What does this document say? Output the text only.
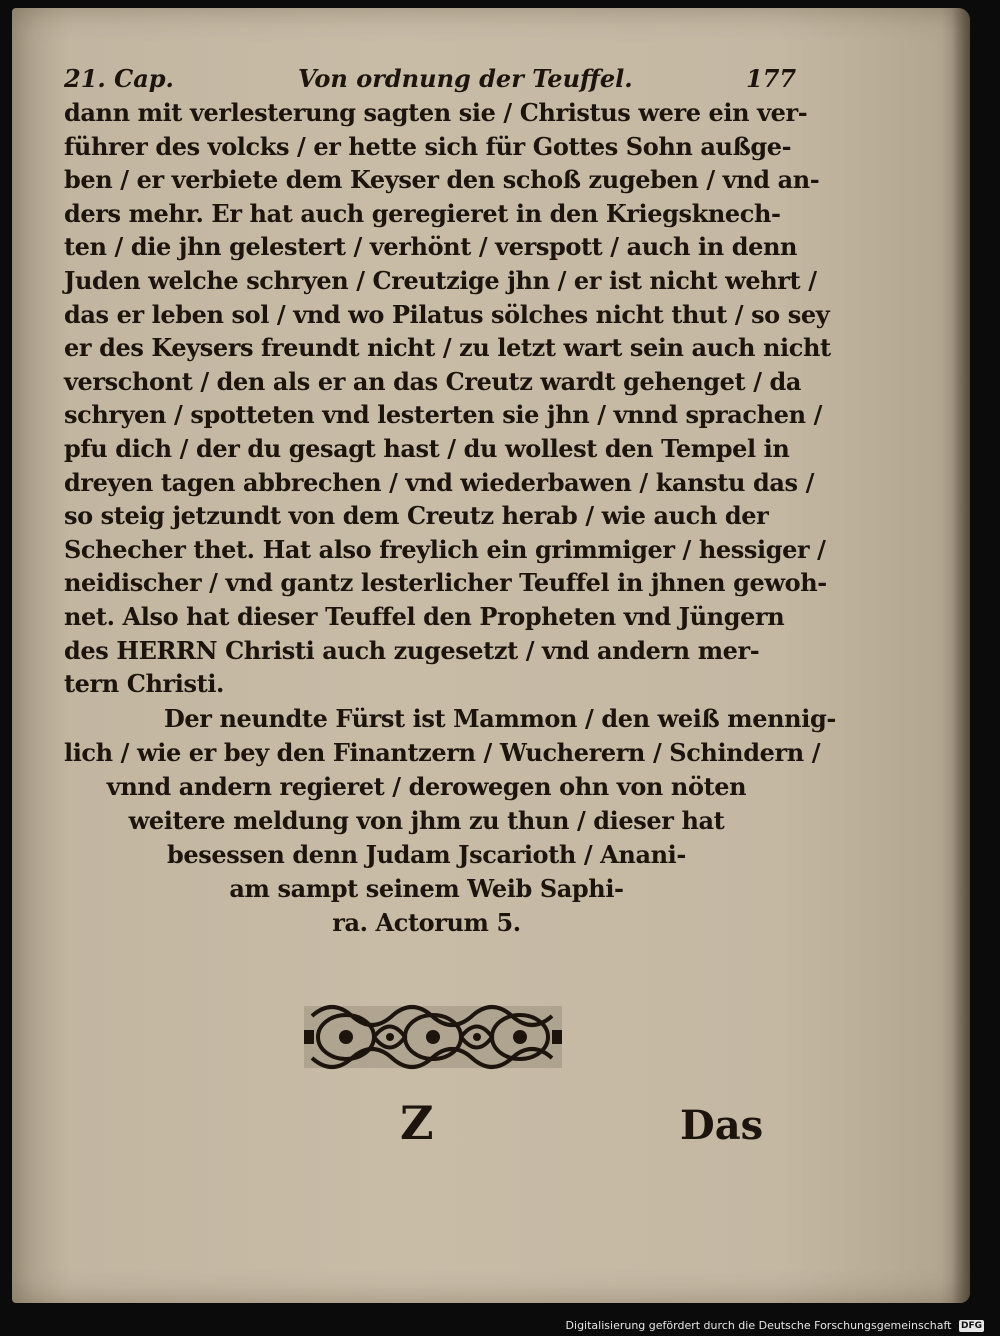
21. Cap.	Von ordnung der Teuffel.	177
dann mit verlesterung sagten sie / Christus were ein ver-
führer des volcks / er hette sich für Gottes Sohn außge-
ben / er verbiete dem Keyser den schoß zugeben / vnd an-
ders mehr. Er hat auch geregieret in den Kriegsknech-
ten / die jhn gelestert / verhönt / verspott / auch in denn
Juden welche schryen / Creutzige jhn / er ist nicht wehrt /
das er leben sol / vnd wo Pilatus sölches nicht thut / so sey
er des Keysers freundt nicht / zu letzt wart sein auch nicht
verschont / den als er an das Creutz wardt gehenget / da
schryen / spotteten vnd lesterten sie jhn / vnnd sprachen /
pfu dich / der du gesagt hast / du wollest den Tempel in
dreyen tagen abbrechen / vnd wiederbawen / kanstu das /
so steig jetzundt von dem Creutz herab / wie auch der
Schecher thet. Hat also freylich ein grimmiger / hessiger /
neidischer / vnd gantz lesterlicher Teuffel in jhnen gewoh-
net. Also hat dieser Teuffel den Propheten vnd Jüngern
des HERRN Christi auch zugesetzt / vnd andern mer-
tern Christi.
Der neundte Fürst ist Mammon / den weiß mennig-
lich / wie er bey den Finantzern / Wucherern / Schindern /
vnnd andern regieret / derowegen ohn von nöten
weitere meldung von jhm zu thun / dieser hat
besessen denn Judam Jscarioth / Anani-
am sampt seinem Weib Saphi-
ra. Actorum 5.
Z	Das
Digitalisierung gefördert durch die Deutsche Forschungsgemeinschaft DFG
